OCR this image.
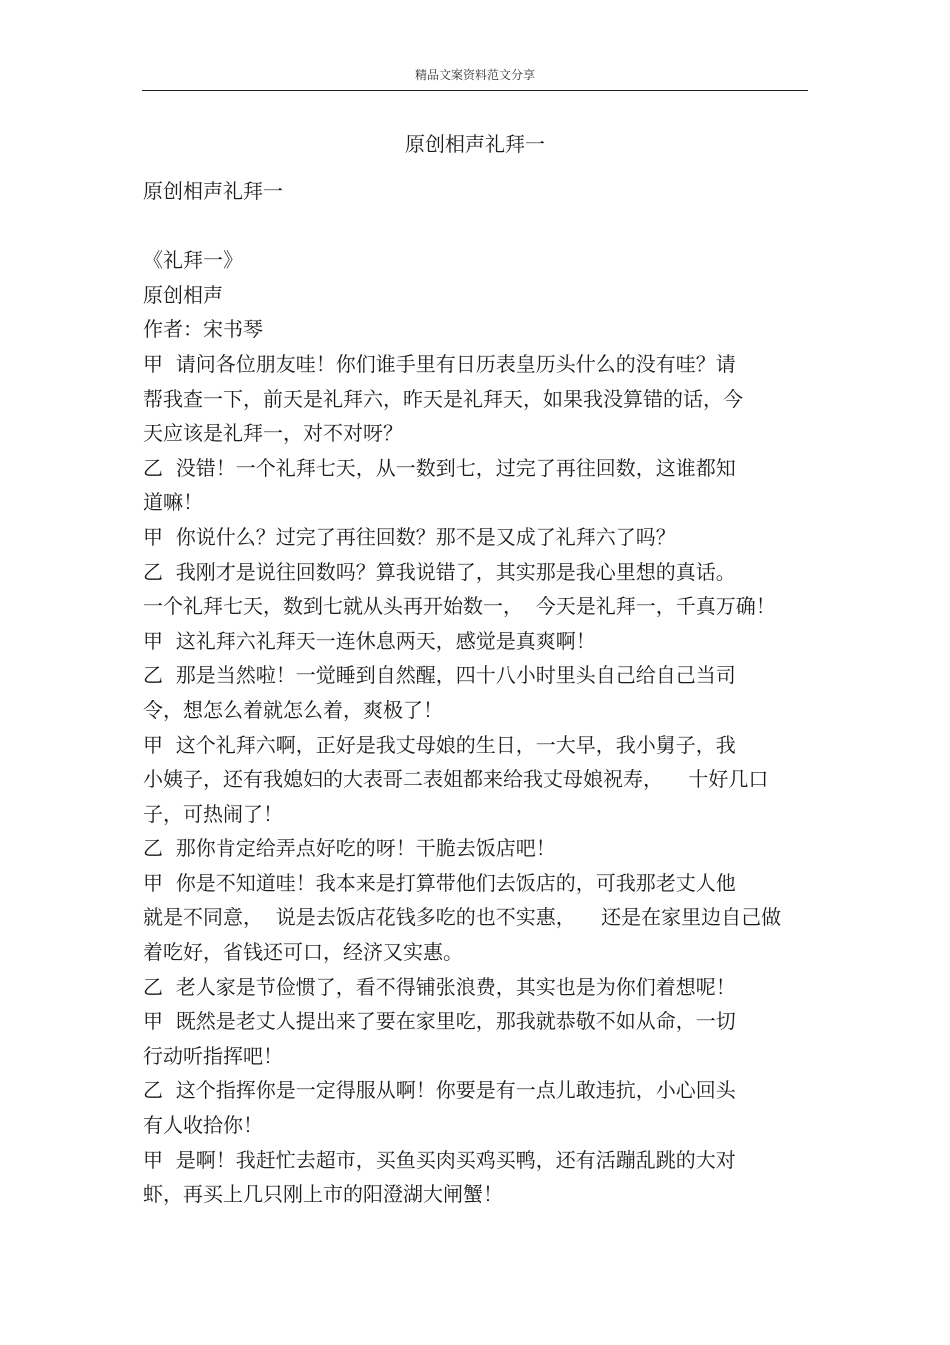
精品文案资料范文分享
原创相声礼拜一
原创相声礼拜一
《礼拜一》
原创相声
作者：宋书琴
甲  请问各位朋友哇！你们谁手里有日历表皇历头什么的没有哇？请
帮我查一下，前天是礼拜六，昨天是礼拜天，如果我没算错的话，今
天应该是礼拜一，对不对呀？
乙  没错！一个礼拜七天，从一数到七，过完了再往回数，这谁都知
道嘛！
甲  你说什么？过完了再往回数？那不是又成了礼拜六了吗？
乙  我刚才是说往回数吗？算我说错了，其实那是我心里想的真话。
一个礼拜七天，数到七就从头再开始数一，  今天是礼拜一，千真万确！
甲  这礼拜六礼拜天一连休息两天，感觉是真爽啊！
乙  那是当然啦！一觉睡到自然醒，四十八小时里头自己给自己当司
令，想怎么着就怎么着，爽极了！
甲  这个礼拜六啊，正好是我丈母娘的生日，一大早，我小舅子，我
小姨子，还有我媳妇的大表哥二表姐都来给我丈母娘祝寿，    十好几口
子，可热闹了！
乙  那你肯定给弄点好吃的呀！干脆去饭店吧！
甲  你是不知道哇！我本来是打算带他们去饭店的，可我那老丈人他
就是不同意，  说是去饭店花钱多吃的也不实惠，    还是在家里边自己做
着吃好，省钱还可口，经济又实惠。
乙  老人家是节俭惯了，看不得铺张浪费，其实也是为你们着想呢！
甲  既然是老丈人提出来了要在家里吃，那我就恭敬不如从命，一切
行动听指挥吧！
乙  这个指挥你是一定得服从啊！你要是有一点儿敢违抗，小心回头
有人收拾你！
甲  是啊！我赶忙去超市，买鱼买肉买鸡买鸭，还有活蹦乱跳的大对
虾，再买上几只刚上市的阳澄湖大闸蟹！
